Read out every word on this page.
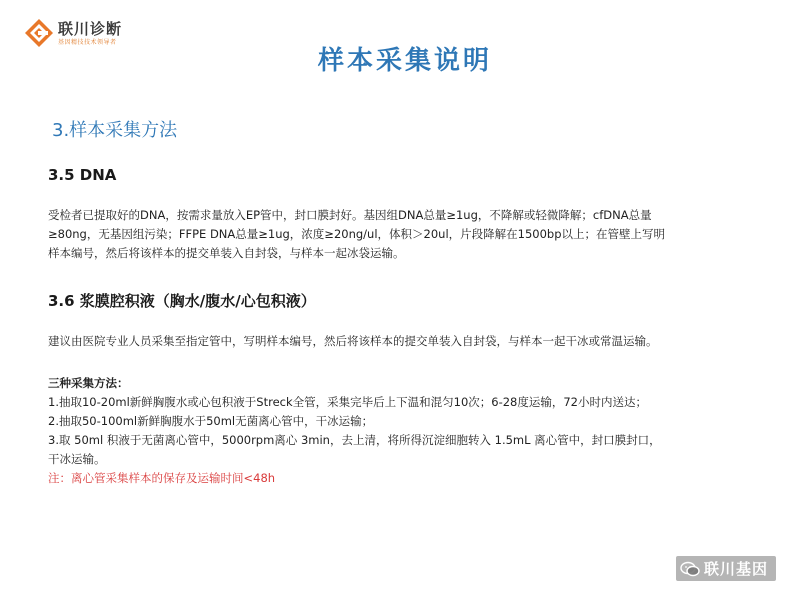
联川诊断
基因精技技术领导者
样本采集说明
3.样本采集方法
3.5 DNA
受检者已提取好的DNA，按需求量放入EP管中，封口膜封好。基因组DNA总量≥1ug，不降解或轻微降解；cfDNA总量
≥80ng，无基因组污染；FFPE DNA总量≥1ug，浓度≥20ng/ul，体积＞20ul，片段降解在1500bp以上；在管壁上写明
样本编号，然后将该样本的提交单装入自封袋，与样本一起冰袋运输。
3.6 浆膜腔积液（胸水/腹水/心包积液）
建议由医院专业人员采集至指定管中，写明样本编号，然后将该样本的提交单装入自封袋，与样本一起干冰或常温运输。
三种采集方法：
1.抽取10-20ml新鲜胸腹水或心包积液于Streck全管，采集完毕后上下温和混匀10次；6-28度运输，72小时内送达；
2.抽取50-100ml新鲜胸腹水于50ml无菌离心管中，干冰运输；
3.取 50ml 积液于无菌离心管中，5000rpm离心 3min，去上清，将所得沉淀细胞转入 1.5mL 离心管中，封口膜封口，
干冰运输。
注：离心管采集样本的保存及运输时间<48h
联川基因
